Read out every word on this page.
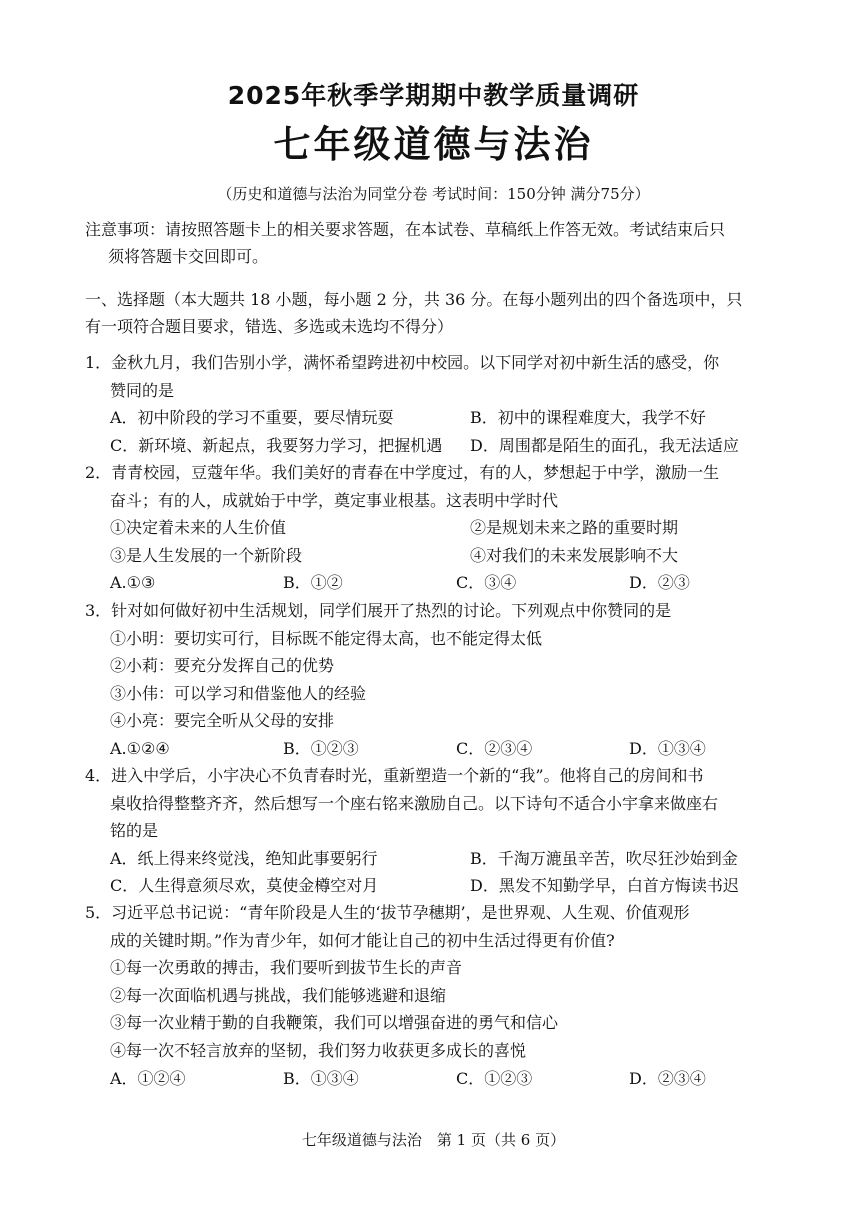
2025年秋季学期期中教学质量调研
七年级道德与法治
（历史和道德与法治为同堂分卷 考试时间：150分钟 满分75分）
注意事项：请按照答题卡上的相关要求答题，在本试卷、草稿纸上作答无效。考试结束后只
须将答题卡交回即可。
一、选择题（本大题共 18 小题，每小题 2 分，共 36 分。在每小题列出的四个备选项中，只
有一项符合题目要求，错选、多选或未选均不得分）
1．金秋九月，我们告别小学，满怀希望跨进初中校园。以下同学对初中新生活的感受，你
赞同的是
A．初中阶段的学习不重要，要尽情玩耍	B．初中的课程难度大，我学不好
C．新环境、新起点，我要努力学习，把握机遇	D．周围都是陌生的面孔，我无法适应
2．青青校园，豆蔻年华。我们美好的青春在中学度过，有的人，梦想起于中学，激励一生
奋斗；有的人，成就始于中学，奠定事业根基。这表明中学时代
①决定着未来的人生价值	②是规划未来之路的重要时期
③是人生发展的一个新阶段	④对我们的未来发展影响不大
A.①③	B．①②	C．③④	D．②③
3．针对如何做好初中生活规划，同学们展开了热烈的讨论。下列观点中你赞同的是
①小明：要切实可行，目标既不能定得太高，也不能定得太低
②小莉：要充分发挥自己的优势
③小伟：可以学习和借鉴他人的经验
④小亮：要完全听从父母的安排
A.①②④	B．①②③	C．②③④	D．①③④
4．进入中学后，小宇决心不负青春时光，重新塑造一个新的“我”。他将自己的房间和书
桌收拾得整整齐齐，然后想写一个座右铭来激励自己。以下诗句不适合小宇拿来做座右
铭的是
A．纸上得来终觉浅，绝知此事要躬行	B．千淘万漉虽辛苦，吹尽狂沙始到金
C．人生得意须尽欢，莫使金樽空对月	D．黑发不知勤学早，白首方悔读书迟
5．习近平总书记说：“青年阶段是人生的‘拔节孕穗期’，是世界观、人生观、价值观形
成的关键时期。”作为青少年，如何才能让自己的初中生活过得更有价值?
①每一次勇敢的搏击，我们要听到拔节生长的声音
②每一次面临机遇与挑战，我们能够逃避和退缩
③每一次业精于勤的自我鞭策，我们可以增强奋进的勇气和信心
④每一次不轻言放弃的坚韧，我们努力收获更多成长的喜悦
A．①②④	B．①③④	C．①②③	D．②③④
七年级道德与法治　第 1 页（共 6 页）
